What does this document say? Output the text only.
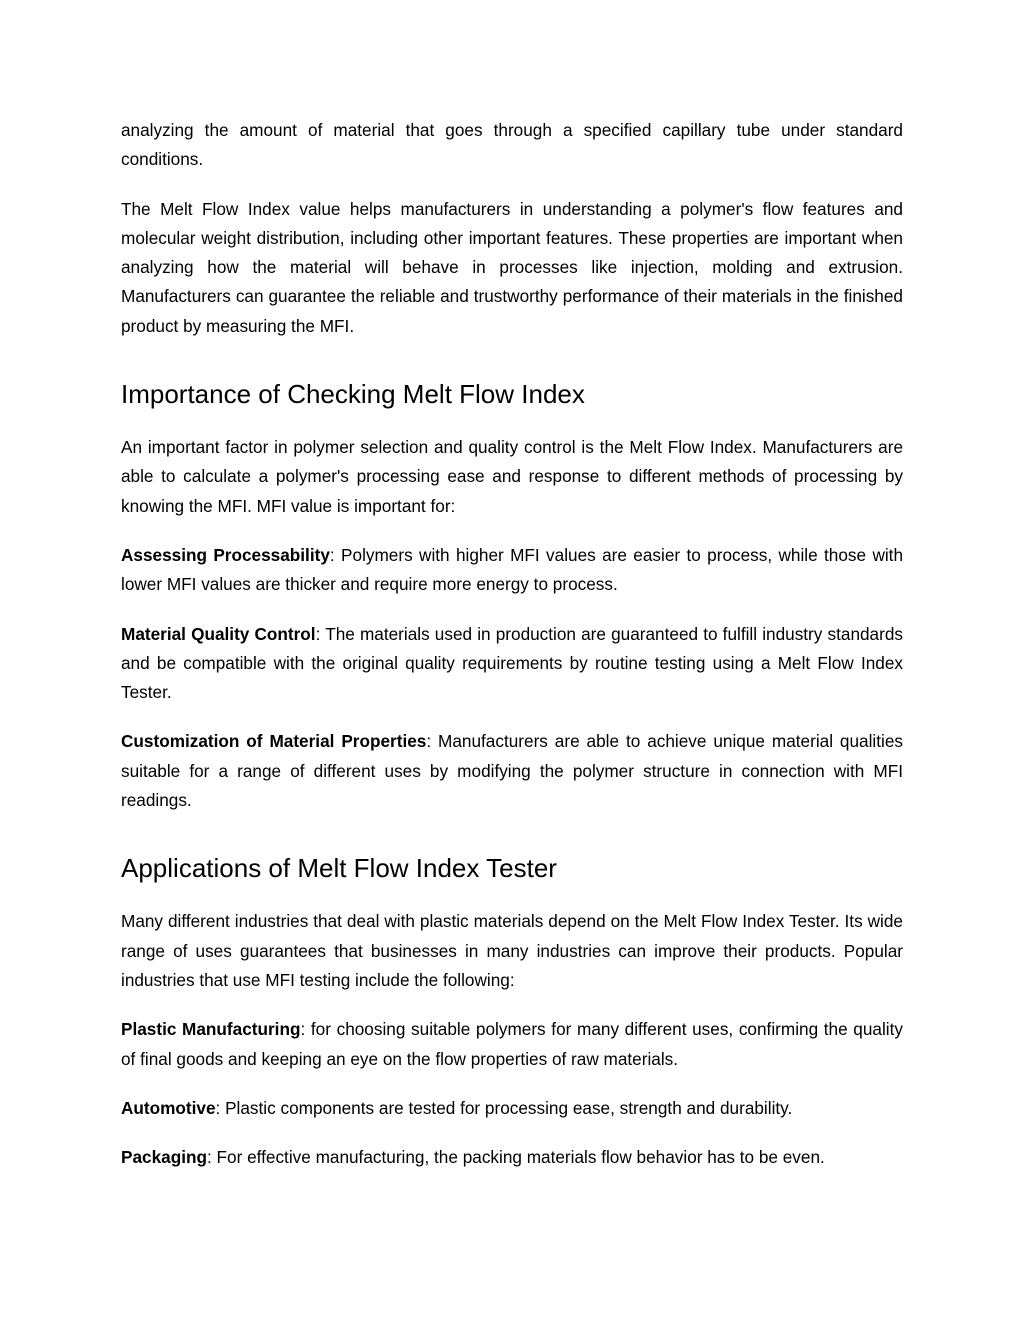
analyzing the amount of material that goes through a specified capillary tube under standard conditions.

The Melt Flow Index value helps manufacturers in understanding a polymer's flow features and molecular weight distribution, including other important features. These properties are important when analyzing how the material will behave in processes like injection, molding and extrusion. Manufacturers can guarantee the reliable and trustworthy performance of their materials in the finished product by measuring the MFI.

Importance of Checking Melt Flow Index

An important factor in polymer selection and quality control is the Melt Flow Index. Manufacturers are able to calculate a polymer's processing ease and response to different methods of processing by knowing the MFI. MFI value is important for:

Assessing Processability: Polymers with higher MFI values are easier to process, while those with lower MFI values are thicker and require more energy to process.

Material Quality Control: The materials used in production are guaranteed to fulfill industry standards and be compatible with the original quality requirements by routine testing using a Melt Flow Index Tester.

Customization of Material Properties: Manufacturers are able to achieve unique material qualities suitable for a range of different uses by modifying the polymer structure in connection with MFI readings.

Applications of Melt Flow Index Tester

Many different industries that deal with plastic materials depend on the Melt Flow Index Tester. Its wide range of uses guarantees that businesses in many industries can improve their products. Popular industries that use MFI testing include the following:

Plastic Manufacturing: for choosing suitable polymers for many different uses, confirming the quality of final goods and keeping an eye on the flow properties of raw materials.

Automotive: Plastic components are tested for processing ease, strength and durability.

Packaging: For effective manufacturing, the packing materials flow behavior has to be even.
